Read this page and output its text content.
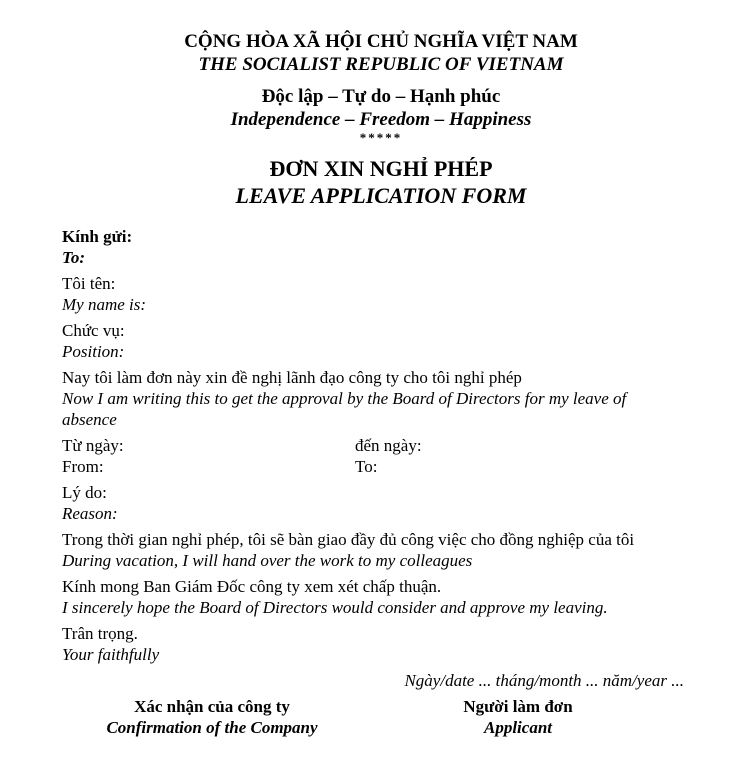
CỘNG HÒA XÃ HỘI CHỦ NGHĨA VIỆT NAM
THE SOCIALIST REPUBLIC OF VIETNAM
Độc lập – Tự do – Hạnh phúc
Independence – Freedom – Happiness
*****
ĐƠN XIN NGHỈ PHÉP
LEAVE APPLICATION FORM
Kính gửi:
To:
Tôi tên:
My name is:
Chức vụ:
Position:
Nay tôi làm đơn này xin đề nghị lãnh đạo công ty cho tôi nghỉ phép
Now I am writing this to get the approval by the Board of Directors for my leave of absence
Từ ngày:
From:
đến ngày:
To:
Lý do:
Reason:
Trong thời gian nghỉ phép, tôi sẽ bàn giao đầy đủ công việc cho đồng nghiệp của tôi
During vacation, I will hand over the work to my colleagues
Kính mong Ban Giám Đốc công ty xem xét chấp thuận.
I sincerely hope the Board of Directors would consider and approve my leaving.
Trân trọng.
Your faithfully
Ngày/date ... tháng/month ... năm/year ...
Xác nhận của công ty
Confirmation of the Company
Người làm đơn
Applicant
